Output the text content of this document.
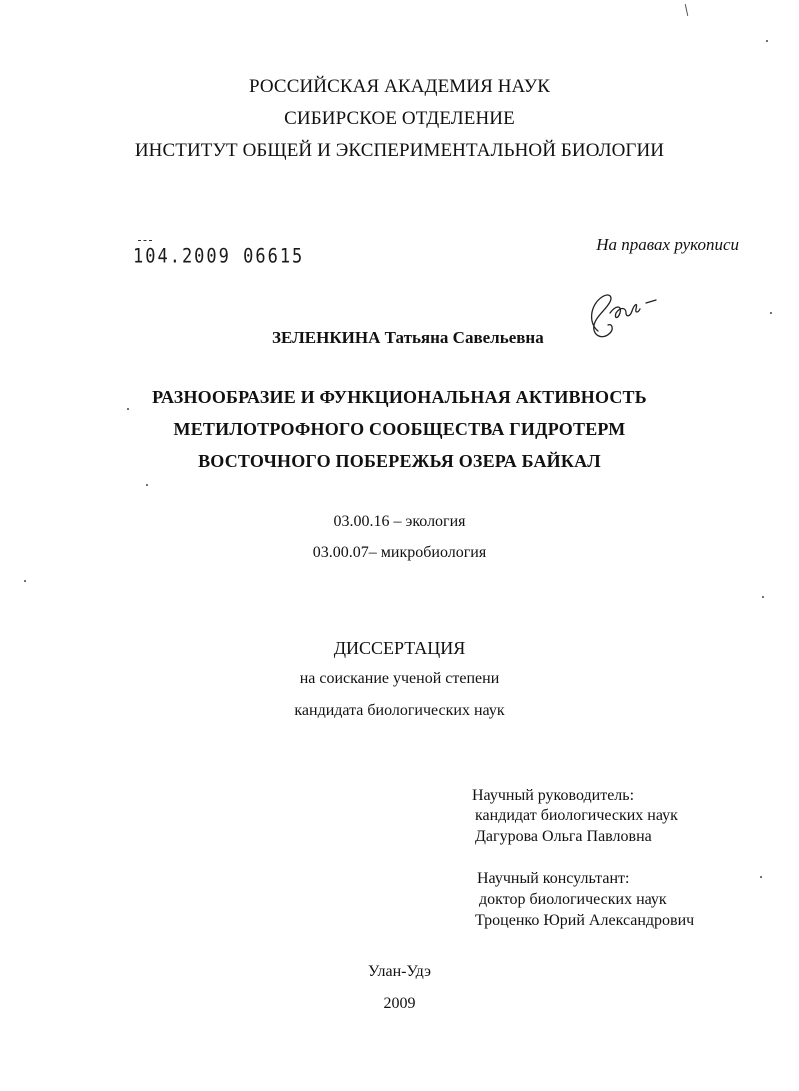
РОССИЙСКАЯ АКАДЕМИЯ НАУК
СИБИРСКОЕ ОТДЕЛЕНИЕ
ИНСТИТУТ ОБЩЕЙ И ЭКСПЕРИМЕНТАЛЬНОЙ БИОЛОГИИ
На правах рукописи
104.2009 06615
ЗЕЛЕНКИНА Татьяна Савельевна
РАЗНООБРАЗИЕ И ФУНКЦИОНАЛЬНАЯ АКТИВНОСТЬ
МЕТИЛОТРОФНОГО СООБЩЕСТВА ГИДРОТЕРМ
ВОСТОЧНОГО ПОБЕРЕЖЬЯ ОЗЕРА БАЙКАЛ
03.00.16 – экология
03.00.07– микробиология
ДИССЕРТАЦИЯ
на соискание ученой степени
кандидата биологических наук
Научный руководитель:
кандидат биологических наук
Дагурова Ольга Павловна
Научный консультант:
доктор биологических наук
Троценко Юрий Александрович
Улан-Удэ
2009
